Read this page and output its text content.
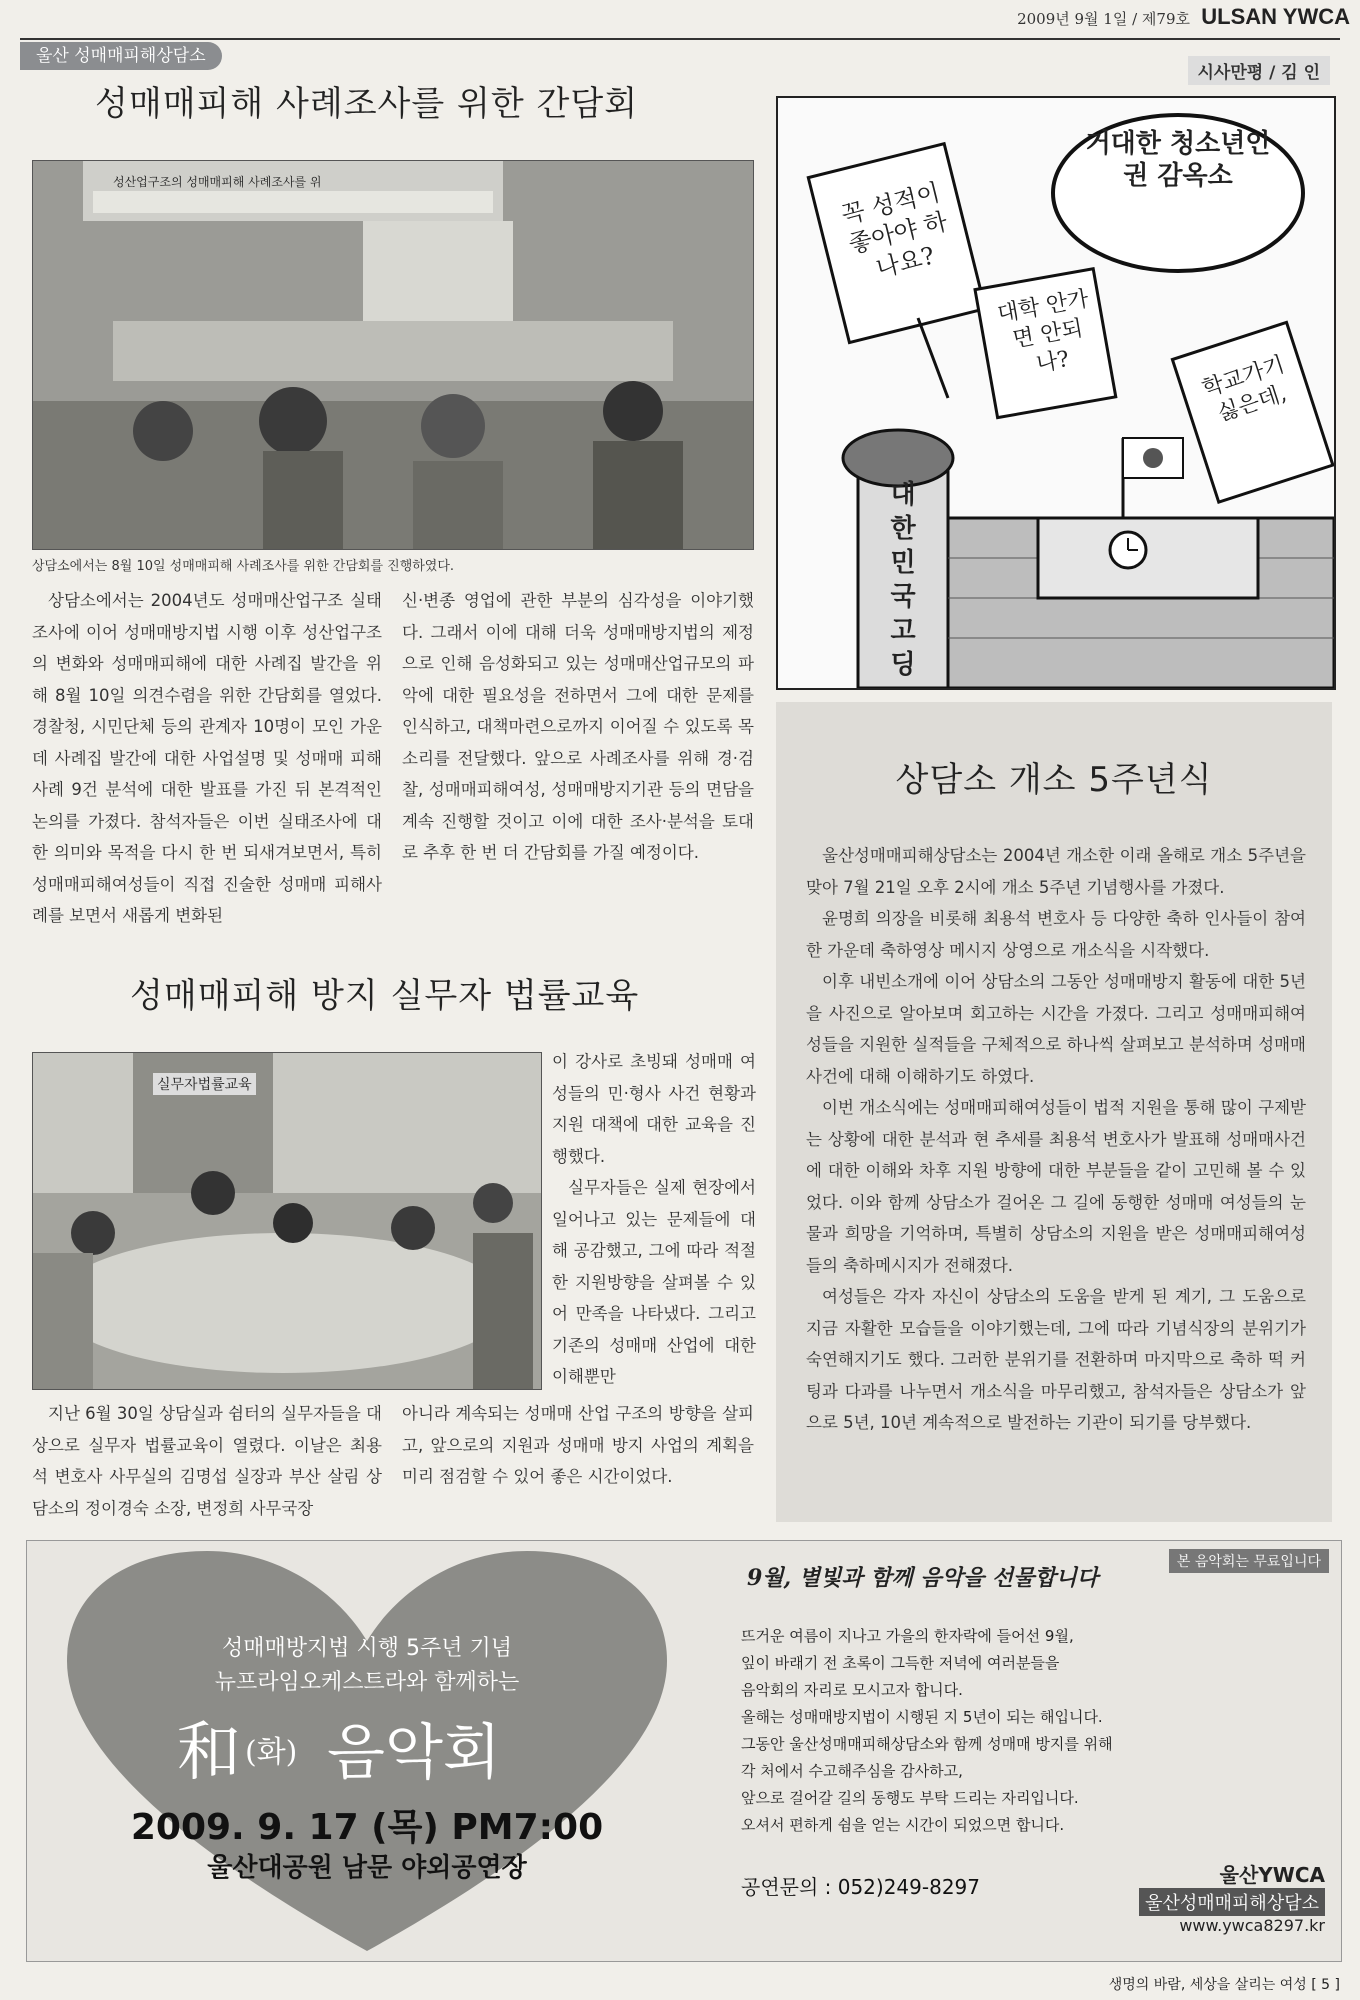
2009년 9월 1일 / 제79호 ULSAN YWCA
울산 성매매피해상담소
성매매피해 사례조사를 위한 간담회
성산업구조의 성매매피해 사례조사를 위
상담소에서는 8월 10일 성매매피해 사례조사를 위한 간담회를 진행하였다.

상담소에서는 2004년도 성매매산업구조 실태조사에 이어 성매매방지법 시행 이후 성산업구조의 변화와 성매매피해에 대한 사례집 발간을 위해 8월 10일 의견수렴을 위한 간담회를 열었다. 경찰청, 시민단체 등의 관계자 10명이 모인 가운데 사례집 발간에 대한 사업설명 및 성매매 피해사례 9건 분석에 대한 발표를 가진 뒤 본격적인 논의를 가졌다. 참석자들은 이번 실태조사에 대한 의미와 목적을 다시 한 번 되새겨보면서, 특히 성매매피해여성들이 직접 진술한 성매매 피해사례를 보면서 새롭게 변화된

신·변종 영업에 관한 부분의 심각성을 이야기했다. 그래서 이에 대해 더욱 성매매방지법의 제정으로 인해 음성화되고 있는 성매매산업규모의 파악에 대한 필요성을 전하면서 그에 대한 문제를 인식하고, 대책마련으로까지 이어질 수 있도록 목소리를 전달했다. 앞으로 사례조사를 위해 경·검찰, 성매매피해여성, 성매매방지기관 등의 면담을 계속 진행할 것이고 이에 대한 조사·분석을 토대로 추후 한 번 더 간담회를 가질 예정이다.

성매매피해 방지 실무자 법률교육
실무자법률교육

이 강사로 초빙돼 성매매 여성들의 민·형사 사건 현황과 지원 대책에 대한 교육을 진행했다.

실무자들은 실제 현장에서 일어나고 있는 문제들에 대해 공감했고, 그에 따라 적절한 지원방향을 살펴볼 수 있어 만족을 나타냈다. 그리고 기존의 성매매 산업에 대한 이해뿐만

지난 6월 30일 상담실과 쉼터의 실무자들을 대상으로 실무자 법률교육이 열렸다. 이날은 최용석 변호사 사무실의 김명섭 실장과 부산 살림 상담소의 정이경숙 소장, 변정희 사무국장

아니라 계속되는 성매매 산업 구조의 방향을 살피고, 앞으로의 지원과 성매매 방지 사업의 계획을 미리 점검할 수 있어 좋은 시간이었다.

시사만평 / 김 인
거대한 청소년인권 감옥소
꼭 성적이 좋아야 하나요?
대학 안가면 안되나?	학교가기 싫은데,
대한민국 고딩
상담소 개소 5주년식

울산성매매피해상담소는 2004년 개소한 이래 올해로 개소 5주년을 맞아 7월 21일 오후 2시에 개소 5주년 기념행사를 가졌다.

윤명희 의장을 비롯해 최용석 변호사 등 다양한 축하 인사들이 참여한 가운데 축하영상 메시지 상영으로 개소식을 시작했다.

이후 내빈소개에 이어 상담소의 그동안 성매매방지 활동에 대한 5년을 사진으로 알아보며 회고하는 시간을 가졌다. 그리고 성매매피해여성들을 지원한 실적들을 구체적으로 하나씩 살펴보고 분석하며 성매매사건에 대해 이해하기도 하였다.

이번 개소식에는 성매매피해여성들이 법적 지원을 통해 많이 구제받는 상황에 대한 분석과 현 추세를 최용석 변호사가 발표해 성매매사건에 대한 이해와 차후 지원 방향에 대한 부분들을 같이 고민해 볼 수 있었다. 이와 함께 상담소가 걸어온 그 길에 동행한 성매매 여성들의 눈물과 희망을 기억하며, 특별히 상담소의 지원을 받은 성매매피해여성들의 축하메시지가 전해졌다.

여성들은 각자 자신이 상담소의 도움을 받게 된 계기, 그 도움으로 지금 자활한 모습들을 이야기했는데, 그에 따라 기념식장의 분위기가 숙연해지기도 했다. 그러한 분위기를 전환하며 마지막으로 축하 떡 커팅과 다과를 나누면서 개소식을 마무리했고, 참석자들은 상담소가 앞으로 5년, 10년 계속적으로 발전하는 기관이 되기를 당부했다.

성매매방지법 시행 5주년 기념
뉴프라임오케스트라와 함께하는
和 (화) 음악회
2009. 9. 17 (목) PM7:00
울산대공원 남문 야외공연장
본 음악회는 무료입니다
9월, 별빛과 함께 음악을 선물합니다
뜨거운 여름이 지나고 가을의 한자락에 들어선 9월,
잎이 바래기 전 초록이 그득한 저녁에 여러분들을
음악회의 자리로 모시고자 합니다.
올해는 성매매방지법이 시행된 지 5년이 되는 해입니다.
그동안 울산성매매피해상담소와 함께 성매매 방지를 위해
각 처에서 수고해주심을 감사하고,
앞으로 걸어갈 길의 동행도 부탁 드리는 자리입니다.
오셔서 편하게 쉼을 얻는 시간이 되었으면 합니다.
공연문의 : 052)249-8297	울산YWCA
울산성매매피해상담소
www.ywca8297.kr
생명의 바람, 세상을 살리는 여성 [ 5 ]
